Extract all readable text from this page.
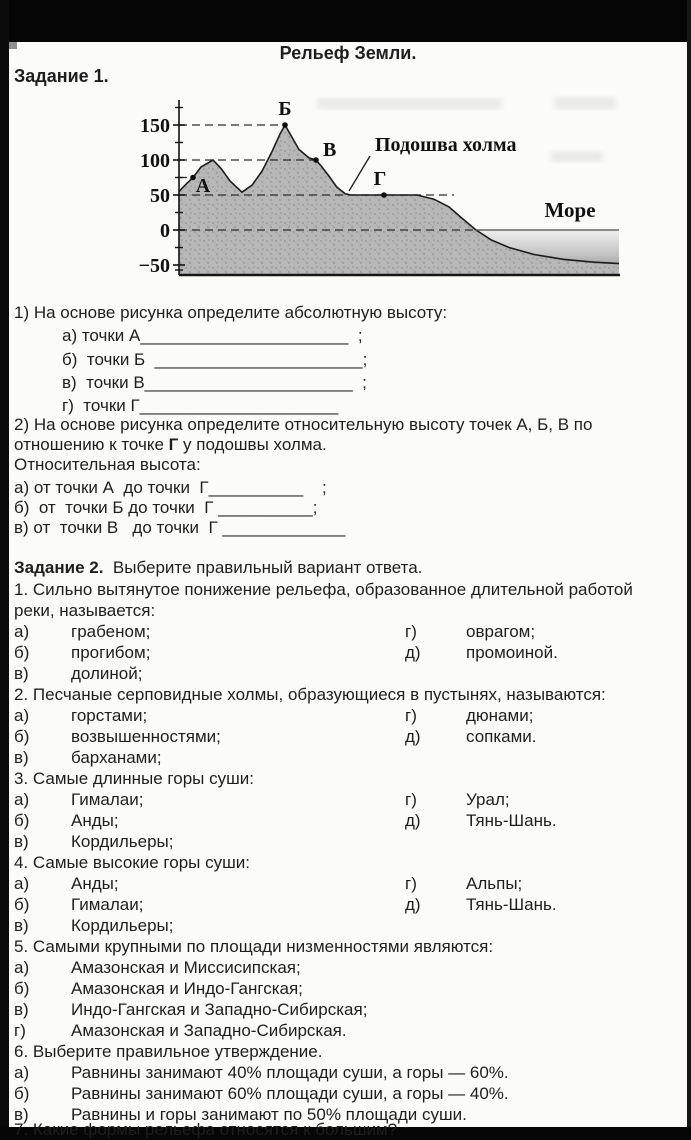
Рельеф Земли.
Задание 1.
150
100
50
0
−50
А
Б
В
Г
Подошва холма
Море
1) На основе рисунка определите абсолютную высоту:
а) точки А______________________  ;
б)  точки Б  ______________________;
в)  точки В______________________  ;
г)  точки Г_____________________
2) На основе рисунка определите относительную высоту точек А, Б, В по
отношению к точке Г у подошвы холма.
Относительная высота:
а) от точки А  до точки  Г__________    ;
б)  от  точки Б до точки  Г __________;
в) от  точки В   до точки  Г _____________
Задание 2.  Выберите правильный вариант ответа.
1. Сильно вытянутое понижение рельефа, образованное длительной работой
реки, называется:
а) грабеном;	г)	оврагом;
б) прогибом;	д)	промоиной.
в) долиной;
2. Песчаные серповидные холмы, образующиеся в пустынях, называются:
а) горстами;	г)	дюнами;
б) возвышенностями;	д)	сопками.
в) барханами;
3. Самые длинные горы суши:
а) Гималаи;	г)	Урал;
б) Анды;	д)	Тянь-Шань.
в) Кордильеры;
4. Самые высокие горы суши:
а) Анды;	г)	Альпы;
б) Гималаи;	д)	Тянь-Шань.
в) Кордильеры;
5. Самыми крупными по площади низменностями являются:
а) Амазонская и Миссисипская;
б) Амазонская и Индо-Гангская;
в) Индо-Гангская и Западно-Сибирская;
г)	Амазонская и Западно-Сибирская.
6. Выберите правильное утверждение.
а) Равнины занимают 40% площади суши, а горы — 60%.
б) Равнины занимают 60% площади суши, а горы — 40%.
в) Равнины и горы занимают по 50% площади суши.
7. Какие формы рельефа относятся к большим?
